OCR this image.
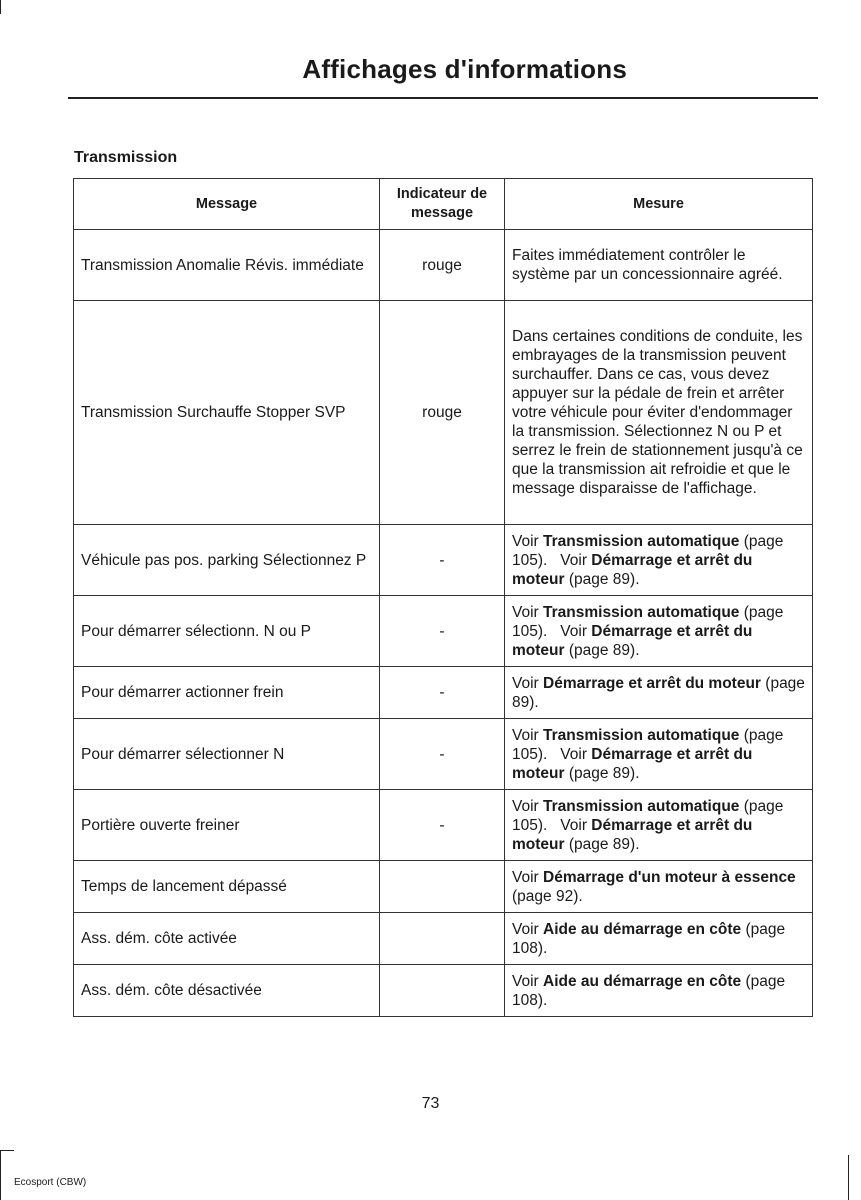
Affichages d'informations
Transmission
Message	Indicateur de message	Mesure
Transmission Anomalie Révis. immédiate	rouge	Faites immédiatement contrôler le système par un concessionnaire agréé.
Transmission Surchauffe Stopper SVP	rouge	Dans certaines conditions de conduite, les embrayages de la transmission peuvent surchauffer. Dans ce cas, vous devez appuyer sur la pédale de frein et arrêter votre véhicule pour éviter d'endommager la transmission. Sélectionnez N ou P et serrez le frein de stationnement jusqu'à ce que la transmission ait refroidie et que le message disparaisse de l'affichage.
Véhicule pas pos. parking Sélectionnez P	-	Voir Transmission automatique (page 105). Voir Démarrage et arrêt du moteur (page 89).
Pour démarrer sélectionn. N ou P	-	Voir Transmission automatique (page 105). Voir Démarrage et arrêt du moteur (page 89).
Pour démarrer actionner frein	-	Voir Démarrage et arrêt du moteur (page 89).
Pour démarrer sélectionner N	-	Voir Transmission automatique (page 105). Voir Démarrage et arrêt du moteur (page 89).
Portière ouverte freiner	-	Voir Transmission automatique (page 105). Voir Démarrage et arrêt du moteur (page 89).
Temps de lancement dépassé		Voir Démarrage d'un moteur à essence (page 92).
Ass. dém. côte activée		Voir Aide au démarrage en côte (page 108).
Ass. dém. côte désactivée		Voir Aide au démarrage en côte (page 108).
73
Ecosport (CBW)
